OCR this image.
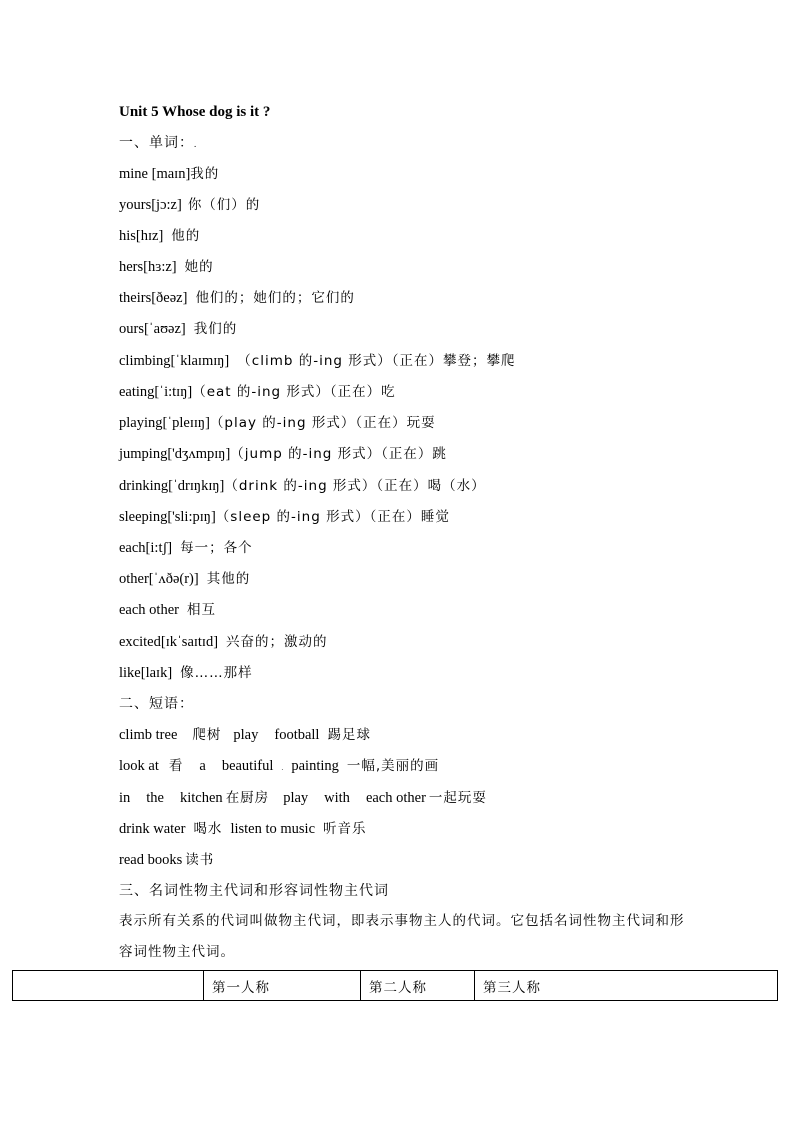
Unit 5 Whose dog is it ?
一、单词：.
mine [maɪn]我的
yours[jɔ:z] 你（们）的
his[hɪz] 他的
hers[hɜ:z] 她的
theirs[ðeəz] 他们的；她们的；它们的
ours[ˈaʊəz] 我们的
climbing[ˈklaɪmɪŋ] （climb 的-ing 形式）（正在）攀登；攀爬
eating[ˈi:tɪŋ]（eat 的-ing 形式）（正在）吃
playing[ˈpleɪɪŋ]（play 的-ing 形式）（正在）玩耍
jumping['dʒʌmpɪŋ]（jump 的-ing 形式）（正在）跳
drinking[ˈdrɪŋkɪŋ]（drink 的-ing 形式）（正在）喝（水）
sleeping['sli:pɪŋ]（sleep 的-ing 形式）（正在）睡觉
each[i:tʃ] 每一；各个
other[ˈʌðə(r)] 其他的
each other 相互
excited[ɪkˈsaɪtɪd] 兴奋的；激动的
like[laɪk] 像……那样
二、短语：
climb tree 爬树 play football 踢足球
look at 看 a beautiful . painting 一幅,美丽的画
in the kitchen 在厨房 play with each other 一起玩耍
drink water 喝水 listen to music 听音乐
read books 读书
三、名词性物主代词和形容词性物主代词
表示所有关系的代词叫做物主代词，即表示事物主人的代词。它包括名词性物主代词和形容词性物主代词。
	第一人称	第二人称	第三人称
